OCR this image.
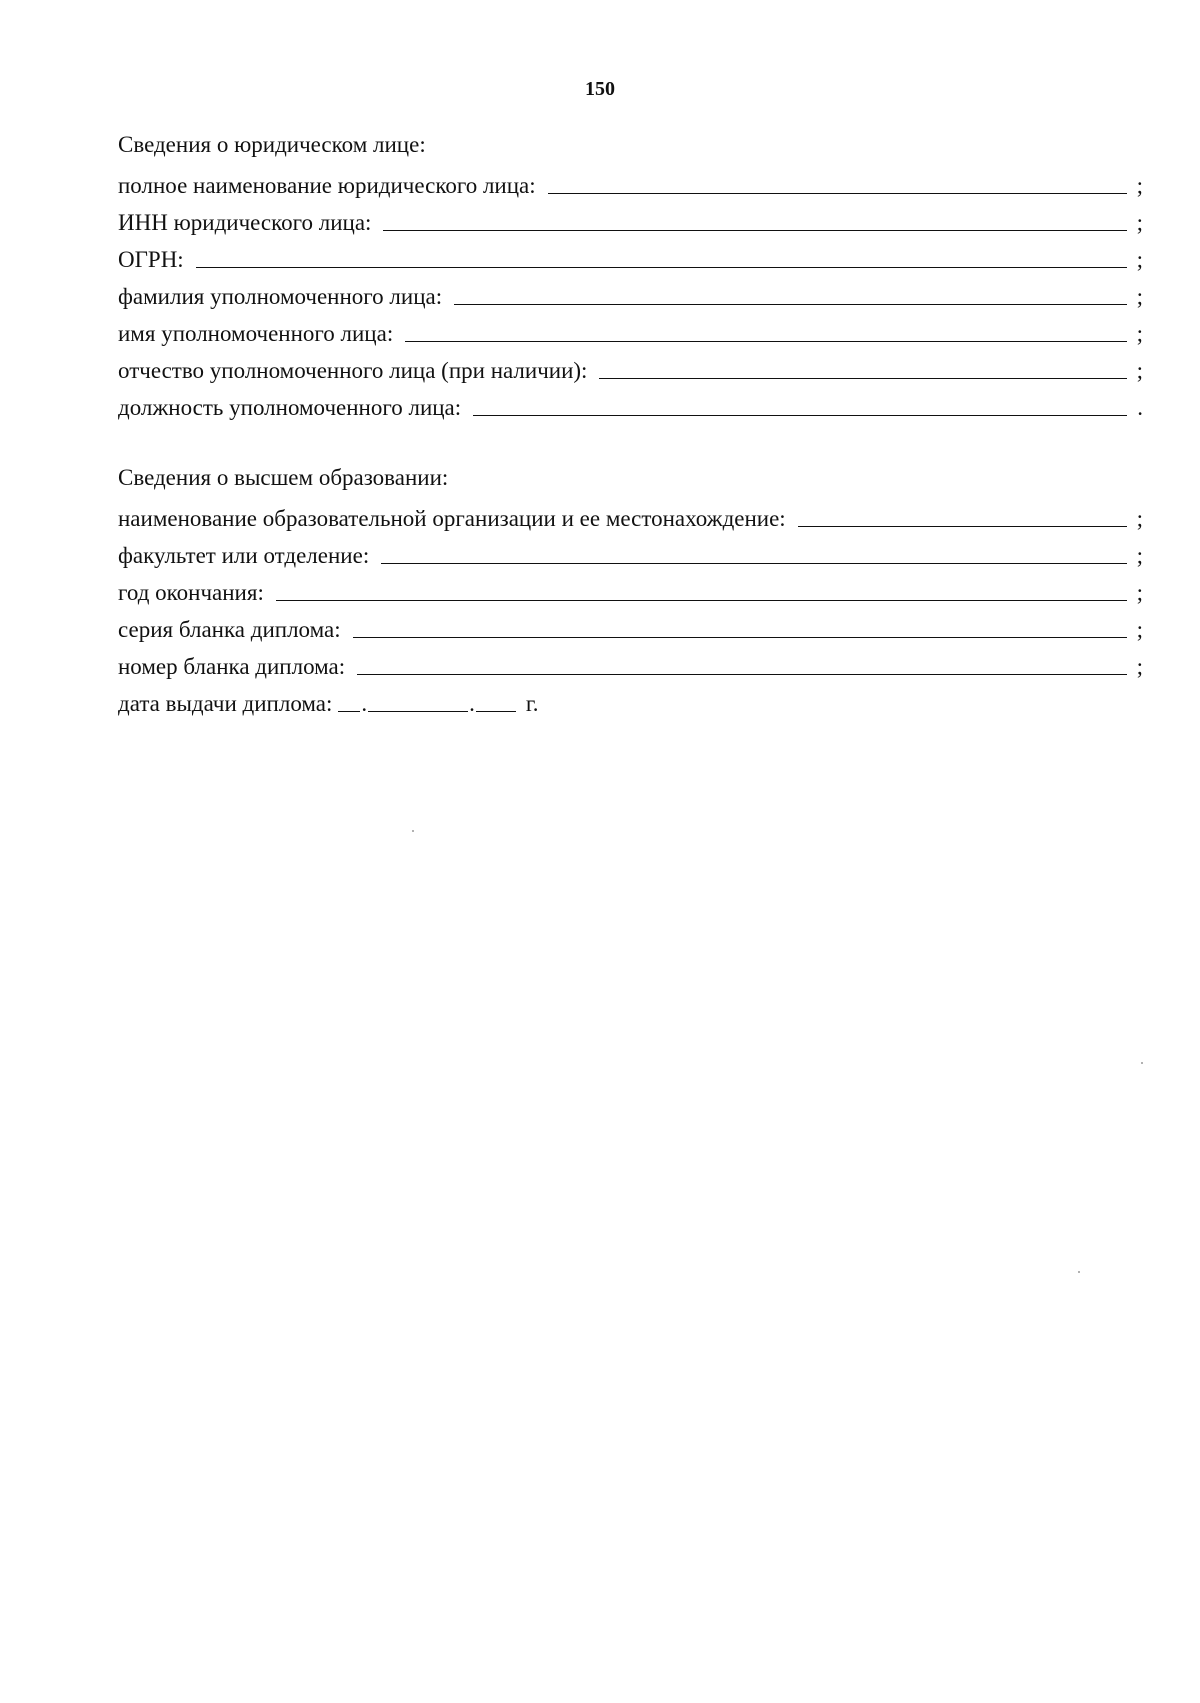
150
Сведения о юридическом лице:
полное наименование юридического лица:	;
ИНН юридического лица:	;
ОГРН:	;
фамилия уполномоченного лица:	;
имя уполномоченного лица:	;
отчество уполномоченного лица (при наличии):	;
должность уполномоченного лица:	.
Сведения о высшем образовании:
наименование образовательной организации и ее местонахождение:	;
факультет или отделение:	;
год окончания:	;
серия бланка диплома:	;
номер бланка диплома:	;
дата выдачи диплома: .	.	г.
